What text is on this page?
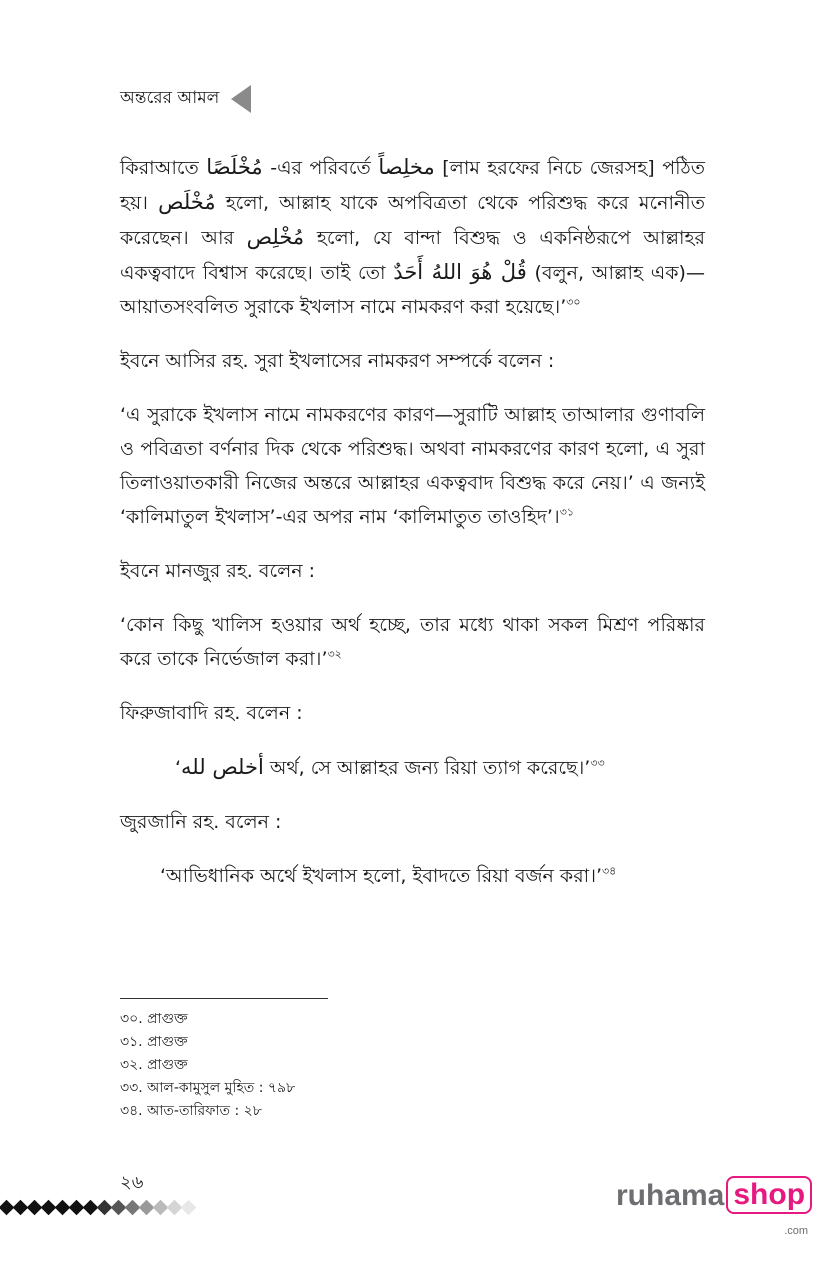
অন্তরের আমল

কিরাআতে مُخْلَصًا -এর পরিবর্তে مخلِصاً [লাম হরফের নিচে জেরসহ] পঠিত হয়। مُخْلَص হলো, আল্লাহ যাকে অপবিত্রতা থেকে পরিশুদ্ধ করে মনোনীত করেছেন। আর مُخْلِص হলো, যে বান্দা বিশুদ্ধ ও একনিষ্ঠরূপে আল্লাহর একত্ববাদে বিশ্বাস করেছে। তাই তো قُلْ هُوَ اللهُ أَحَدٌ (বলুন, আল্লাহ এক)—আয়াতসংবলিত সুরাকে ইখলাস নামে নামকরণ করা হয়েছে।’$^{৩০}$

ইবনে আসির রহ. সুরা ইখলাসের নামকরণ সম্পর্কে বলেন :

‘এ সুরাকে ইখলাস নামে নামকরণের কারণ—সুরাটি আল্লাহ তাআলার গুণাবলি ও পবিত্রতা বর্ণনার দিক থেকে পরিশুদ্ধ। অথবা নামকরণের কারণ হলো, এ সুরা তিলাওয়াতকারী নিজের অন্তরে আল্লাহর একত্ববাদ বিশুদ্ধ করে নেয়।’ এ জন্যই ‘কালিমাতুল ইখলাস’-এর অপর নাম ‘কালিমাতুত তাওহিদ’।$^{৩১}$

ইবনে মানজুর রহ. বলেন :

‘কোন কিছু খালিস হওয়ার অর্থ হচ্ছে, তার মধ্যে থাকা সকল মিশ্রণ পরিষ্কার করে তাকে নির্ভেজাল করা।’$^{৩২}$

ফিরুজাবাদি রহ. বলেন :

‘أخلص لله অর্থ, সে আল্লাহর জন্য রিয়া ত্যাগ করেছে।’$^{৩৩}$

জুরজানি রহ. বলেন :

‘আভিধানিক অর্থে ইখলাস হলো, ইবাদতে রিয়া বর্জন করা।’$^{৩৪}$

৩০. প্রাগুক্ত
৩১. প্রাগুক্ত
৩২. প্রাগুক্ত
৩৩. আল-কামুসুল মুহিত : ৭৯৮
৩৪. আত-তারিফাত : ২৮
২৬	ruhama shop
.com
